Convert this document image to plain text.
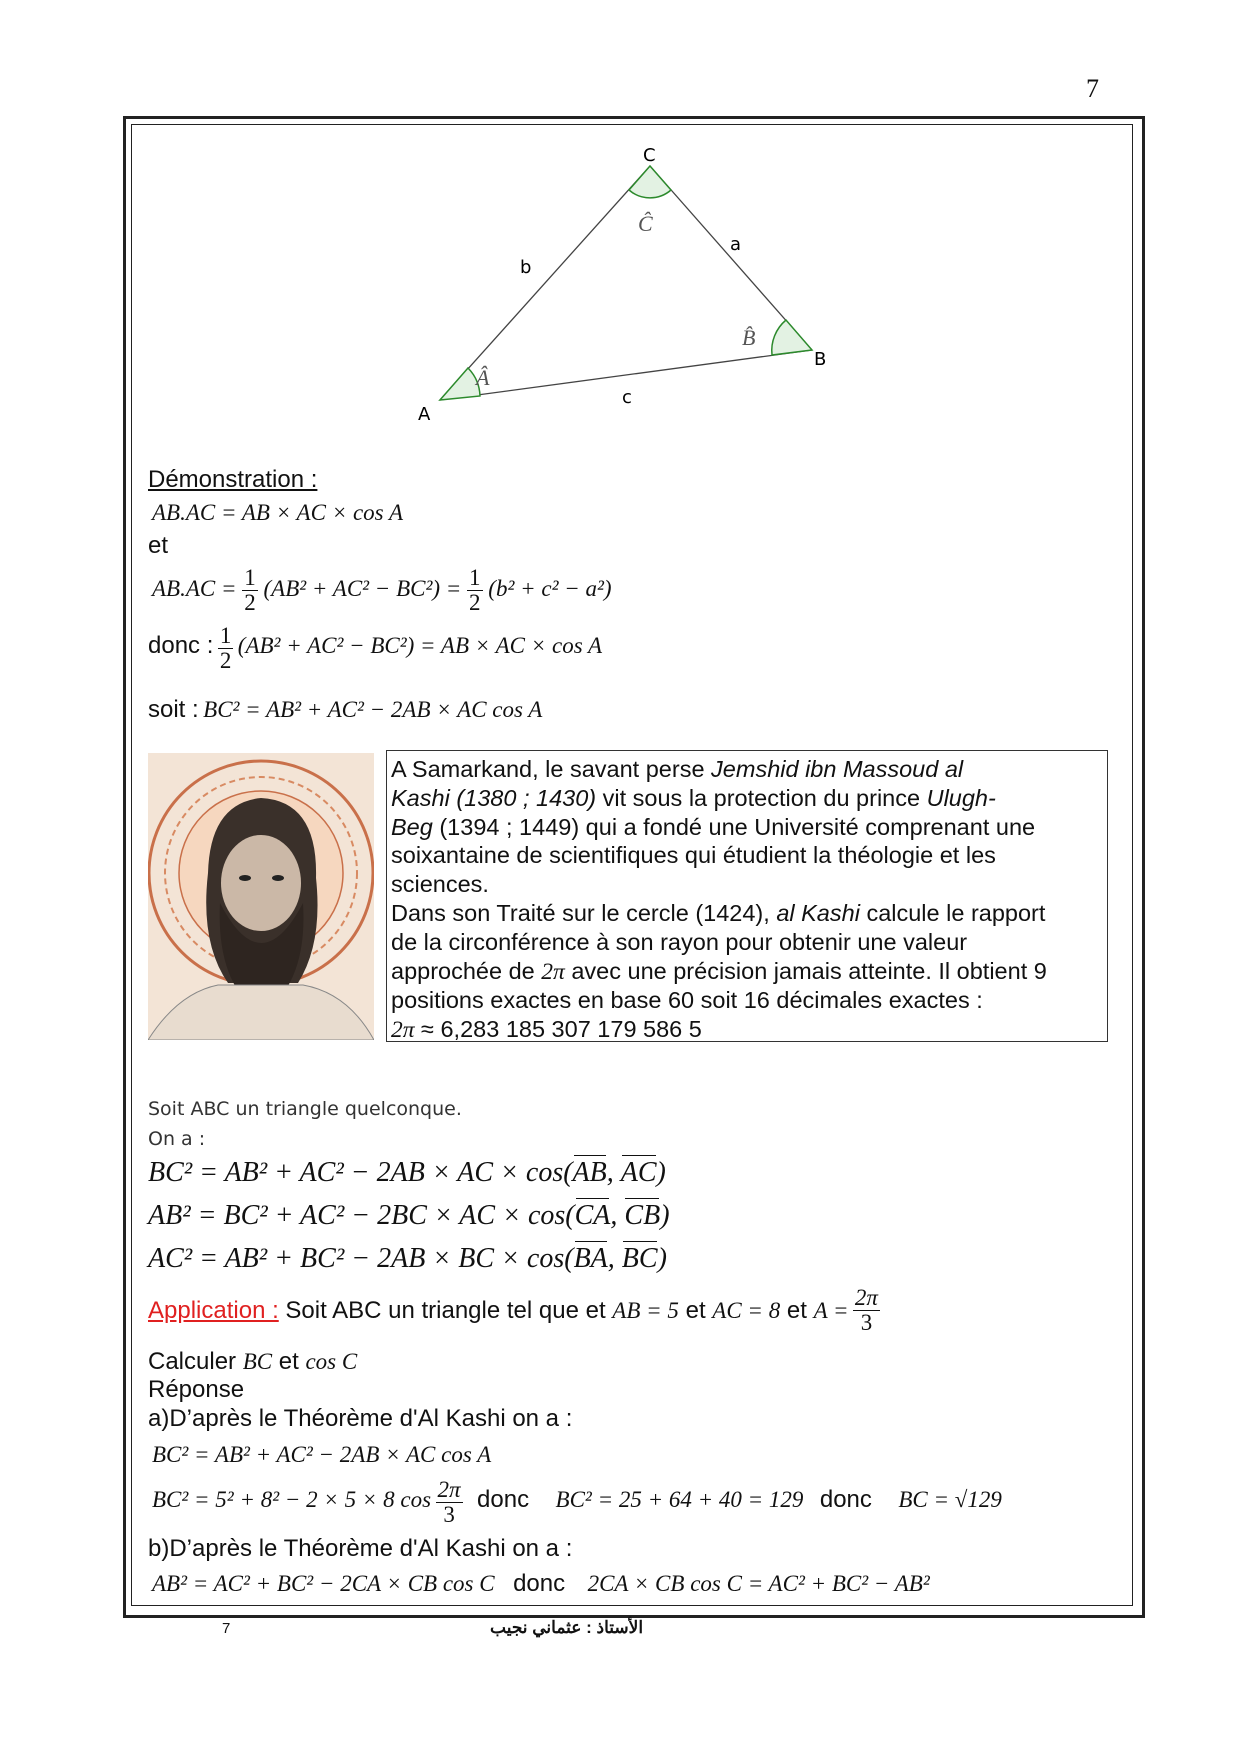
7
C
A
B
a
b
c
Ĉ
B̂
Â
Démonstration :
AB.AC = AB × AC × cos A
et
$AB.AC = \frac{1}{2} (AB^2 + AC^2 - BC^2) = \frac{1}{2} (b^2 + c^2 - a^2)$
donc : $\frac{1}{2} (AB^2 + AC^2 - BC^2)$ = AB × AC × cos A
soit : BC² = AB² + AC² − 2AB × AC cos A

A Samarkand, le savant perse Jemshid ibn Massoud al

Kashi (1380 ; 1430) vit sous la protection du prince Ulugh-

Beg (1394 ; 1449) qui a fondé une Université comprenant une

soixantaine de scientifiques qui étudient la théologie et les

sciences.

Dans son Traité sur le cercle (1424), al Kashi calcule le rapport

de la circonférence à son rayon pour obtenir une valeur

approchée de 2π avec une précision jamais atteinte. Il obtient 9

positions exactes en base 60 soit 16 décimales exactes :

2π ≈ 6,283 185 307 179 586 5

Soit ABC un triangle quelconque.
On a :
BC² = AB² + AC² − 2AB × AC × cos(AB, AC)
AB² = BC² + AC² − 2BC × AC × cos(CA, CB)
AC² = AB² + BC² − 2AB × BC × cos(BA, BC)
Application : Soit ABC un triangle tel que et AB = 5 et AC = 8 et $A = \frac{2\pi}{3}$
Calculer BC et cos C
Réponse
a)D’après le Théorème d'Al Kashi on a :
BC² = AB² + AC² − 2AB × AC cos A
BC² = 5² + 8² − 2 × 5 × 8 $\cos \frac{2\pi}{3}$ donc BC² = 25 + 64 + 40 = 129 donc BC = √129
b)D’après le Théorème d'Al Kashi on a :
AB² = AC² + BC² − 2CA × CB cos C donc 2CA × CB cos C = AC² + BC² − AB²
7	الأستاذ : عثماني نجيب
